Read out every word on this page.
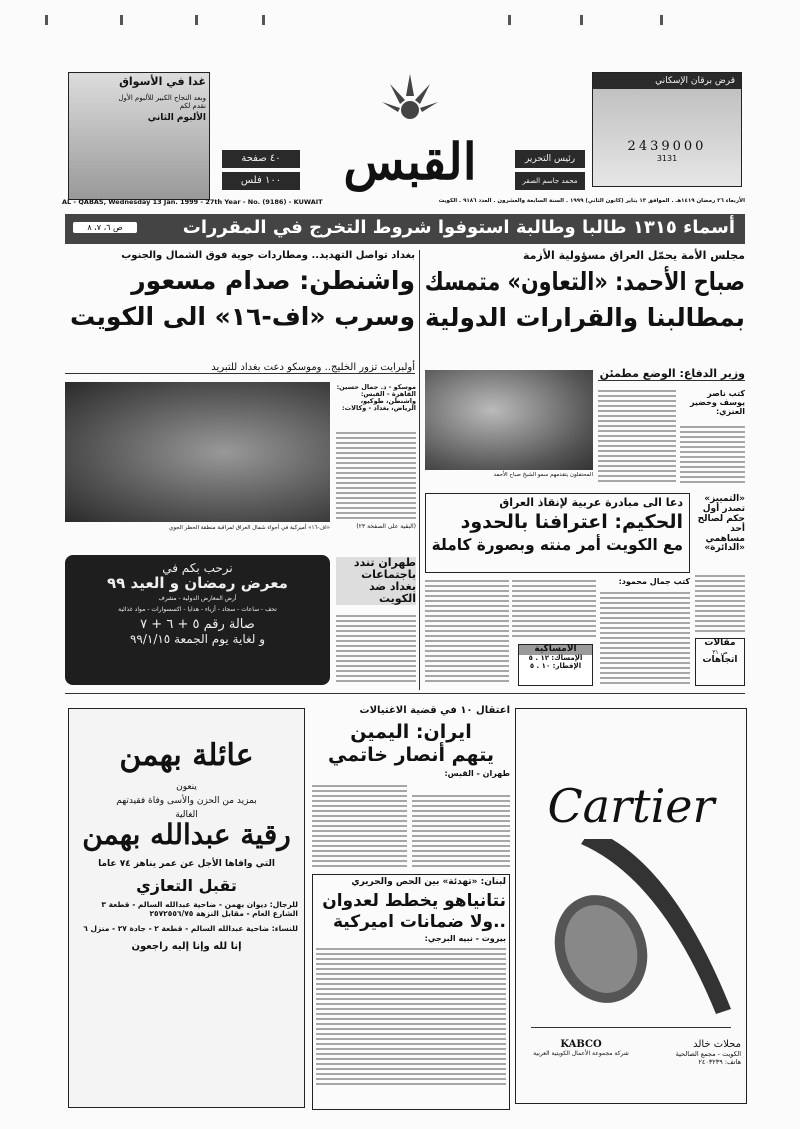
غدا في الأسواق
وبعد النجاح الكبير للألبوم الأول
نقدم لكم
الألبوم الثاني
٤٠ صفحة
١٠٠ فلس	القبس	رئيس التحرير
محمد جاسم الصقر
قرض برقان الإسكاني
2439000
3131
AL - QABAS, Wednesday 13 Jan. 1999 - 27th Year - No. (9186) - KUWAIT	الأربعاء ٢٦ رمضان ١٤١٩هـ . الموافق ١٣ يناير (كانون الثاني) ١٩٩٩ . السنة السابعة والعشرون . العدد ٩١٨٦ . الكويت
أسماء ١٣١٥ طالبا وطالبة استوفوا شروط التخرج في المقررات
ص ٦، ٧، ٨
مجلس الأمة يحمّل العراق مسؤولية الأزمة
صباح الأحمد: «التعاون» متمسك
بمطالبنا والقرارات الدولية
المحتفلون يتقدمهم سمو الشيخ صباح الأحمد
وزير الدفاع: الوضع مطمئن
كتب ناصر يوسف وخضير العنزي:
بغداد تواصل التهديد.. ومطاردات جوية فوق الشمال والجنوب
واشنطن: صدام مسعور
وسرب «اف-١٦» الى الكويت
أولبرايت تزور الخليج.. وموسكو دعت بغداد للتبريد
«اف-١٦» أميركية في أجواء شمال العراق لمراقبة منطقة الحظر الجوي
موسكو - د. جمال حسين: القاهرة - القبس: واشنطن، طوكيو، الرياض، بغداد - وكالات:
(البقية على الصفحة ٢٣)
نرحب بكم في
معرض رمضان و العيد ٩٩
أرض المعارض الدولية - مشرف
تحف - ساعات - سجاد - أزياء - هدايا - اكسسوارات - مواد غذائية
صالة رقم ٥ + ٦ + ٧
و لغاية يوم الجمعة ٩٩/١/١٥
طهران تندد باجتماعات بغداد ضد الكويت
دعا الى مبادرة عربية لإنقاذ العراق
الحكيم: اعترافنا بالحدود
مع الكويت أمر منته وبصورة كاملة
كتب جمال محمود:
الامساكية
الإمساك: ١٢ . ٥
الإفطار: ١٠ . ٥
«التمييز» تصدر أول حكم لصالح أحد مساهمي «الدائرة»
مقالات
ص ٣١
اتجاهات
عائلة بهمن
ينعون
بمزيد من الحزن والأسى وفاة فقيدتهم
الغالية
رقية عبدالله بهمن
التي وافاها الأجل عن عمر يناهز ٧٤ عاما
تقبل التعازي
للرجال: ديوان بهمن - ضاحية عبدالله السالم - قطعة ٣ الشارع العام - مقابل النزهة ٢٥٧٢٥٥٦/٧٥
للنساء: ضاحية عبدالله السالم - قطعة ٢ - جادة ٢٧ - منزل ٦
إنا لله وإنا إليه راجعون
اعتقال ١٠ في قضية الاغتيالات
ايران: اليمين
يتهم أنصار خاتمي
طهران - القبس:
لبنان: «تهدئة» بين الحص والحريري
نتانياهو يخطط لعدوان
..ولا ضمانات اميركية
بيروت - نبيه البرجي:
Cartier
KABCO
شركة مجموعة الأعمال الكويتية العربية
محلات خالد
الكويت - مجمع الصالحية
هاتف: ٢٤٠٣٢٣٩
